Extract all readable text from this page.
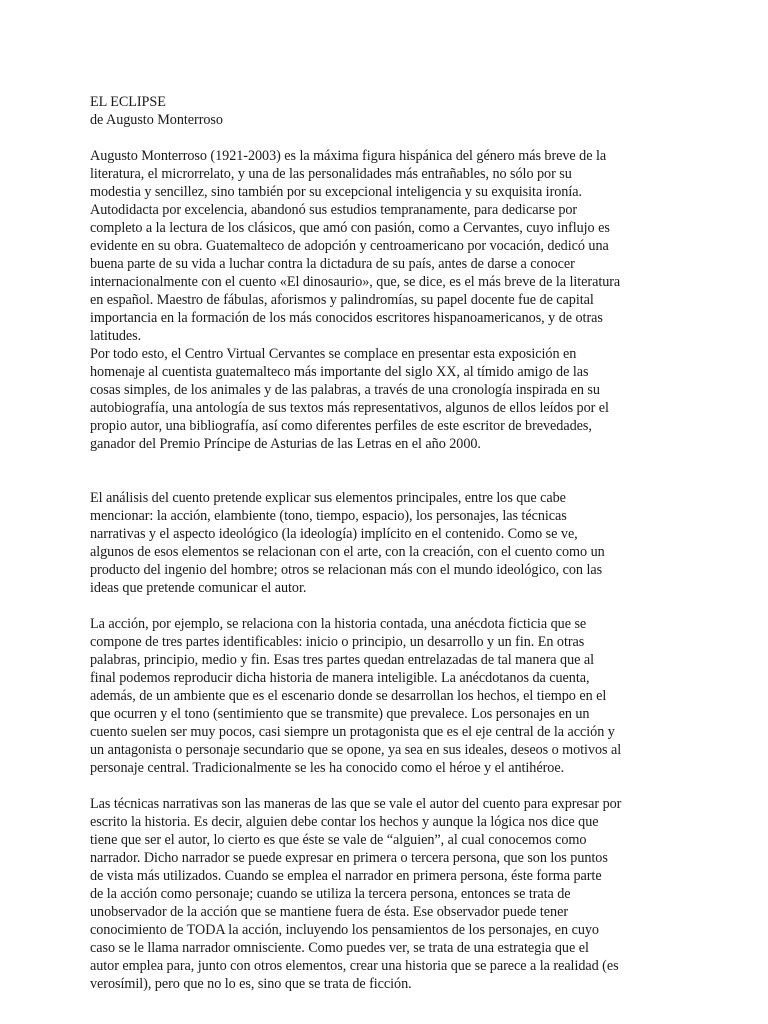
EL ECLIPSE
de Augusto Monterroso
Augusto Monterroso (1921-2003) es la máxima figura hispánica del género más breve de la
literatura, el microrrelato, y una de las personalidades más entrañables, no sólo por su
modestia y sencillez, sino también por su excepcional inteligencia y su exquisita ironía.
Autodidacta por excelencia, abandonó sus estudios tempranamente, para dedicarse por
completo a la lectura de los clásicos, que amó con pasión, como a Cervantes, cuyo influjo es
evidente en su obra. Guatemalteco de adopción y centroamericano por vocación, dedicó una
buena parte de su vida a luchar contra la dictadura de su país, antes de darse a conocer
internacionalmente con el cuento «El dinosaurio», que, se dice, es el más breve de la literatura
en español. Maestro de fábulas, aforismos y palindromías, su papel docente fue de capital
importancia en la formación de los más conocidos escritores hispanoamericanos, y de otras
latitudes.
Por todo esto, el Centro Virtual Cervantes se complace en presentar esta exposición en
homenaje al cuentista guatemalteco más importante del siglo XX, al tímido amigo de las
cosas simples, de los animales y de las palabras, a través de una cronología inspirada en su
autobiografía, una antología de sus textos más representativos, algunos de ellos leídos por el
propio autor, una bibliografía, así como diferentes perfiles de este escritor de brevedades,
ganador del Premio Príncipe de Asturias de las Letras en el año 2000.
El análisis del cuento pretende explicar sus elementos principales, entre los que cabe
mencionar: la acción, elambiente (tono, tiempo, espacio), los personajes, las técnicas
narrativas y el aspecto ideológico (la ideología) implícito en el contenido. Como se ve,
algunos de esos elementos se relacionan con el arte, con la creación, con el cuento como un
producto del ingenio del hombre; otros se relacionan más con el mundo ideológico, con las
ideas que pretende comunicar el autor.
La acción, por ejemplo, se relaciona con la historia contada, una anécdota ficticia que se
compone de tres partes identificables: inicio o principio, un desarrollo y un fin. En otras
palabras, principio, medio y fin. Esas tres partes quedan entrelazadas de tal manera que al
final podemos reproducir dicha historia de manera inteligible. La anécdotanos da cuenta,
además, de un ambiente que es el escenario donde se desarrollan los hechos, el tiempo en el
que ocurren y el tono (sentimiento que se transmite) que prevalece. Los personajes en un
cuento suelen ser muy pocos, casi siempre un protagonista que es el eje central de la acción y
un antagonista o personaje secundario que se opone, ya sea en sus ideales, deseos o motivos al
personaje central. Tradicionalmente se les ha conocido como el héroe y el antihéroe.
Las técnicas narrativas son las maneras de las que se vale el autor del cuento para expresar por
escrito la historia. Es decir, alguien debe contar los hechos y aunque la lógica nos dice que
tiene que ser el autor, lo cierto es que éste se vale de “alguien”, al cual conocemos como
narrador. Dicho narrador se puede expresar en primera o tercera persona, que son los puntos
de vista más utilizados. Cuando se emplea el narrador en primera persona, éste forma parte
de la acción como personaje; cuando se utiliza la tercera persona, entonces se trata de
unobservador de la acción que se mantiene fuera de ésta. Ese observador puede tener
conocimiento de TODA la acción, incluyendo los pensamientos de los personajes, en cuyo
caso se le llama narrador omnisciente. Como puedes ver, se trata de una estrategia que el
autor emplea para, junto con otros elementos, crear una historia que se parece a la realidad (es
verosímil), pero que no lo es, sino que se trata de ficción.
